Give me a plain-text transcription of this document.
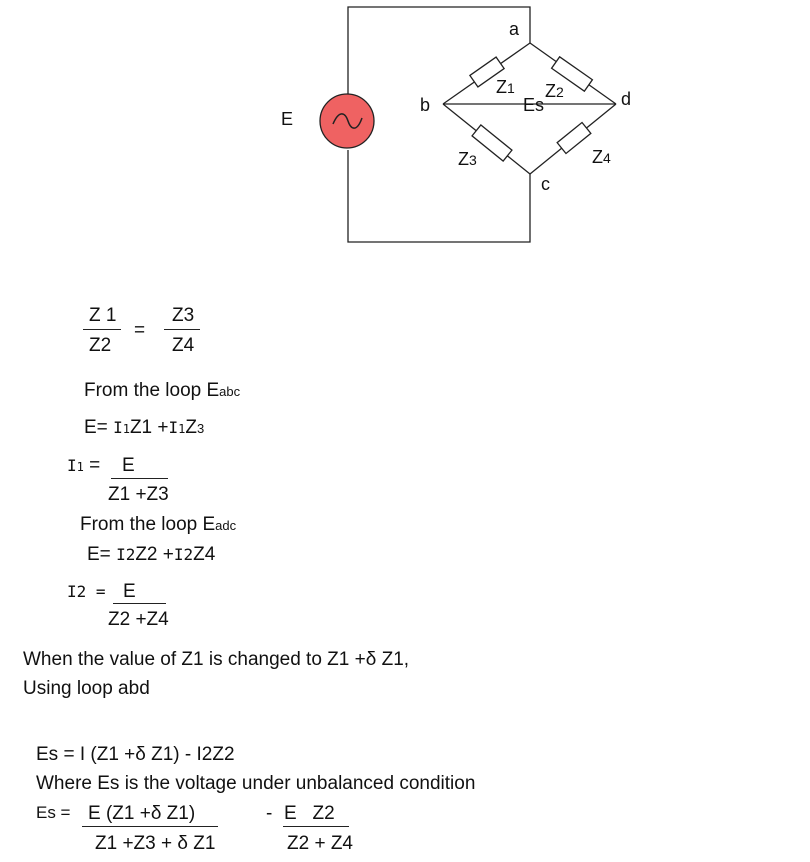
E
a
b
c
d
Es
Z1 Z2
Z3	Z4
Z 1
Z2
=
Z3
Z4
From the loop Eabc
E= I1Z1 +I1Z3
I1 = E
Z1 +Z3
From the loop Eadc
E= I2Z2 +I2Z4
I2 = E
Z2 +Z4
When the value of Z1 is changed to Z1 +δ Z1,
Using loop abd
Es = I (Z1 +δ Z1) - I2Z2
Where Es is the voltage under unbalanced condition
Es = E (Z1 +δ Z1)
Z1 +Z3 + δ Z1
- E   Z2
Z2 + Z4
